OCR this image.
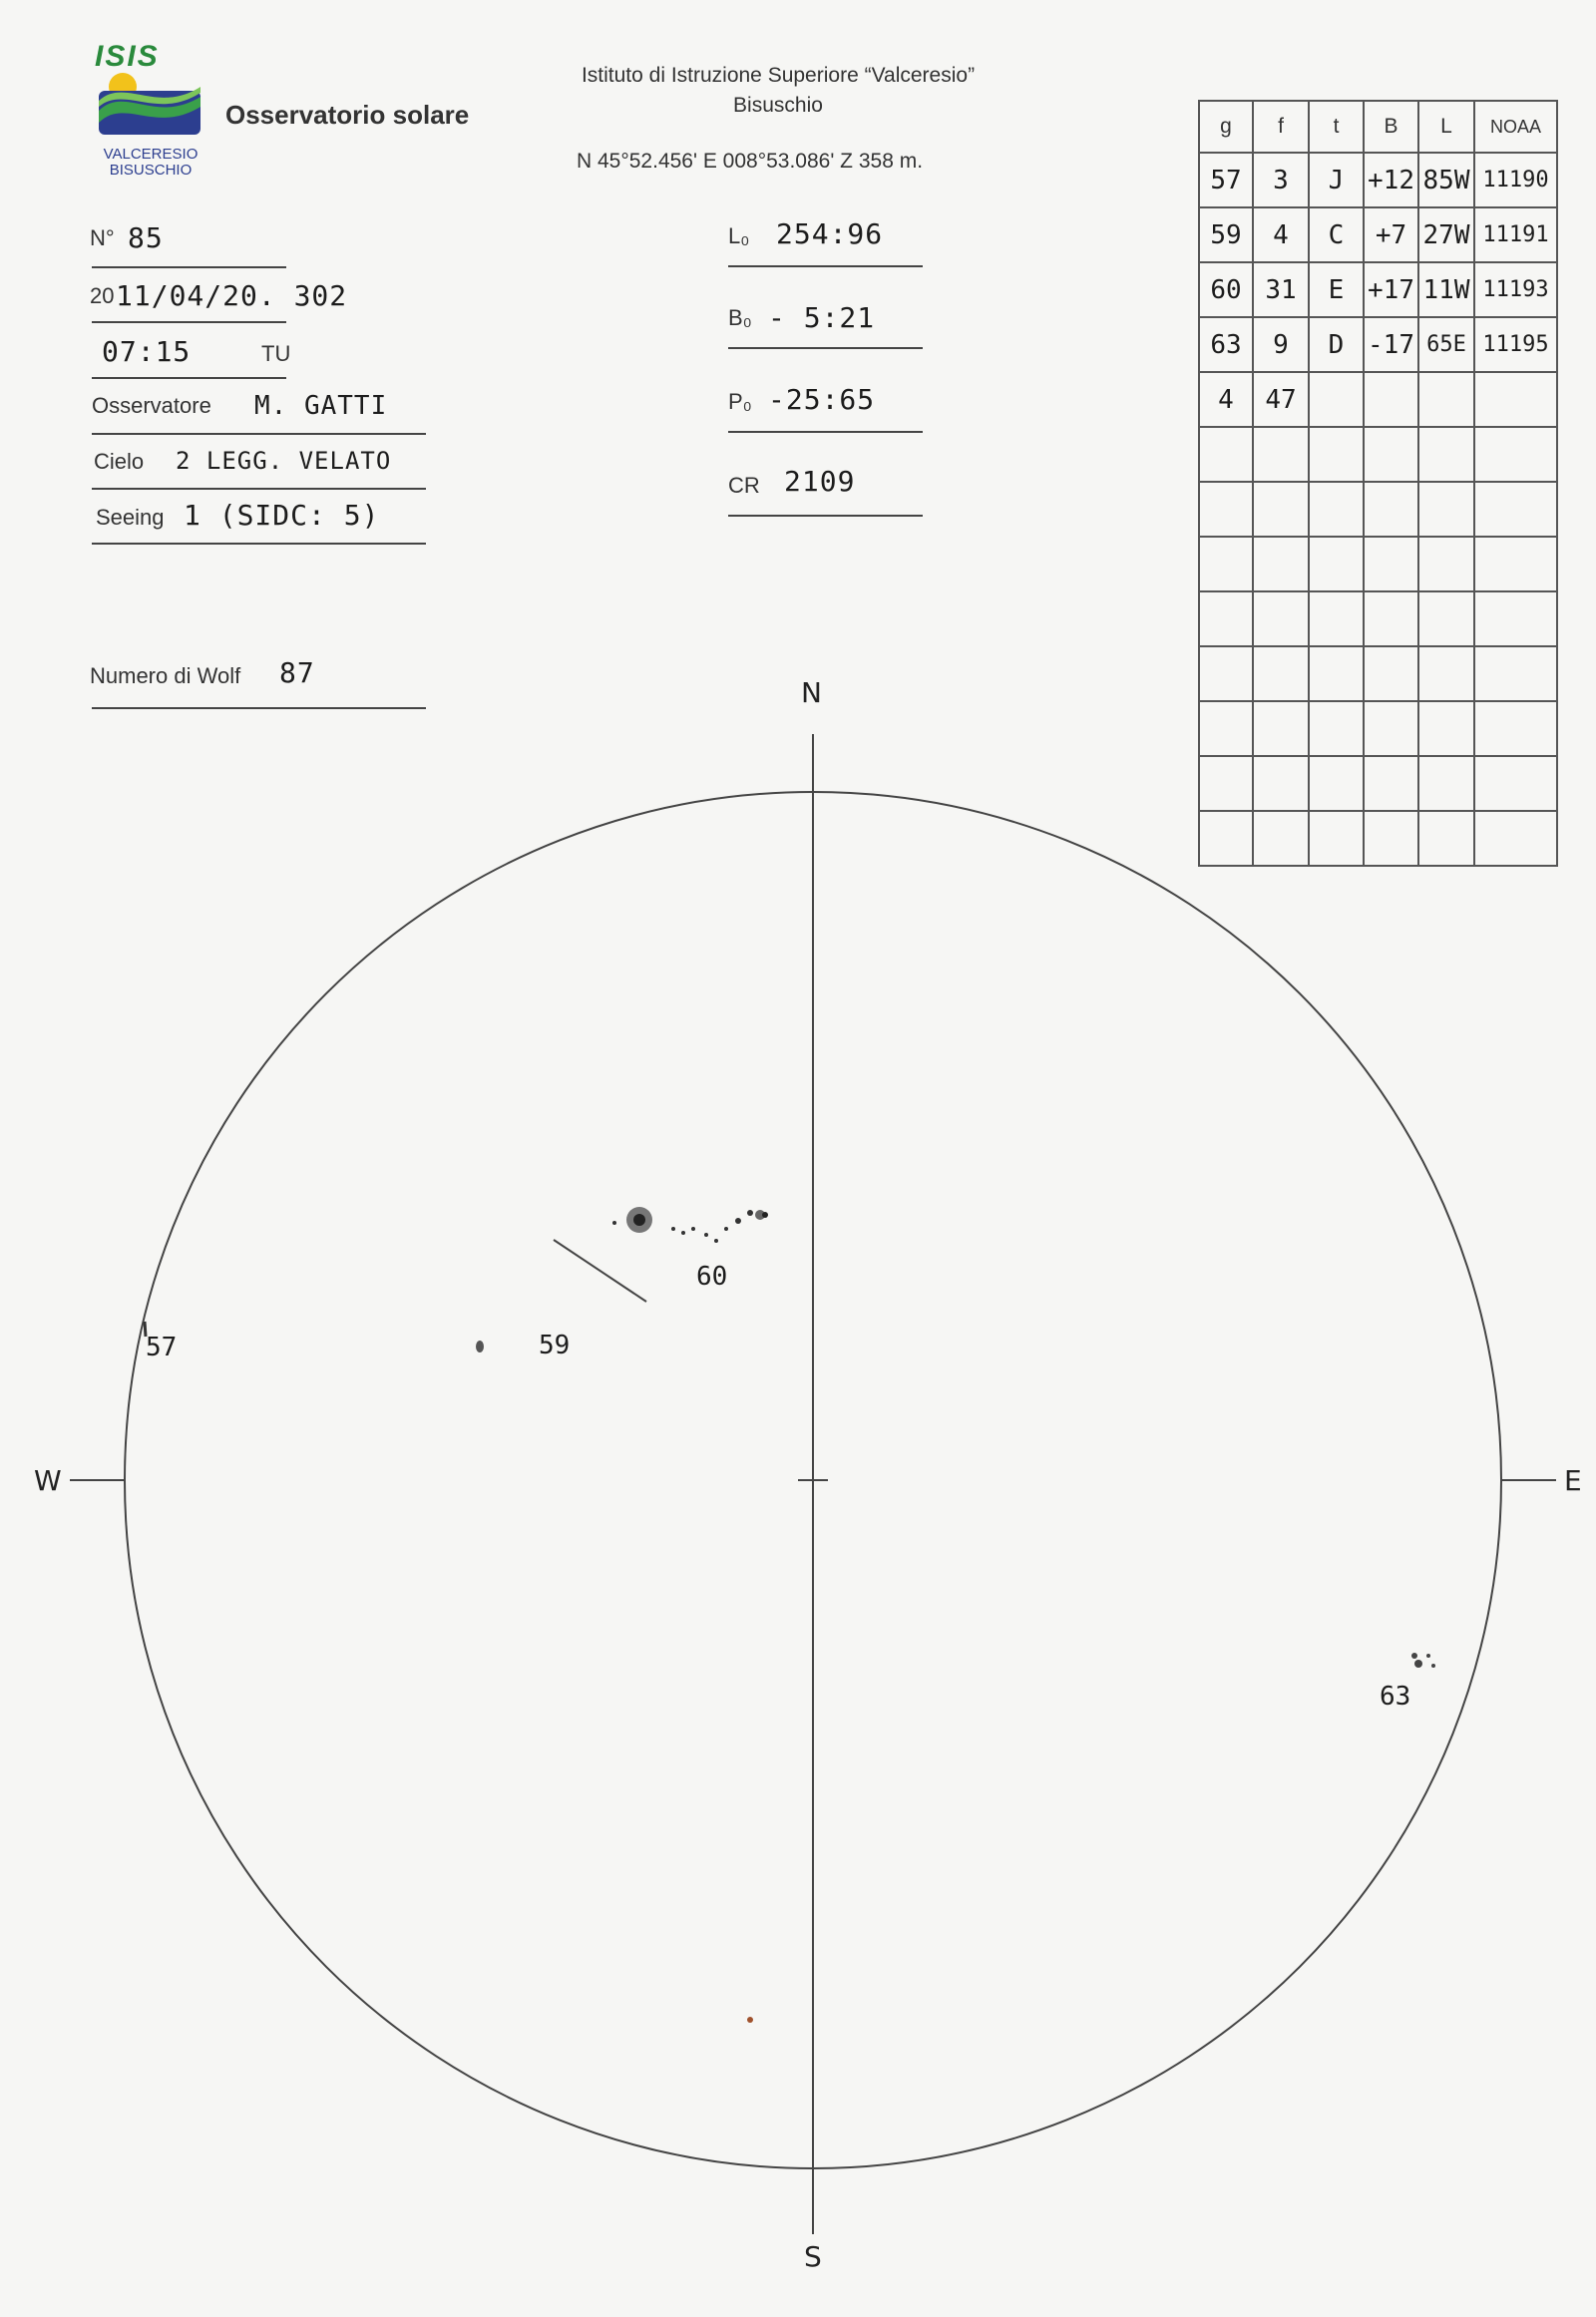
ISIS
VALCERESIO
BISUSCHIO
Osservatorio solare
Istituto di Istruzione Superiore “Valceresio”
Bisuschio
N 45°52.456' E 008°53.086' Z 358 m.
N° 85
20 11/04/20. 302
07:15	TU
Osservatore M. GATTI
Cielo 2 LEGG. VELATO
Seeing 1 (SIDC: 5)
Numero di Wolf 87
L₀ 254:96
B₀ - 5:21
P₀ -25:65
CR 2109
g	f	t	B	L	NOAA
57	3	J	+12	85W	11190
59	4	C	+7	27W	11191
60	31	E	+17	11W	11193
63	9	D	-17	65E	11195
4	47				

N
S
E
W
57	59
60
63
